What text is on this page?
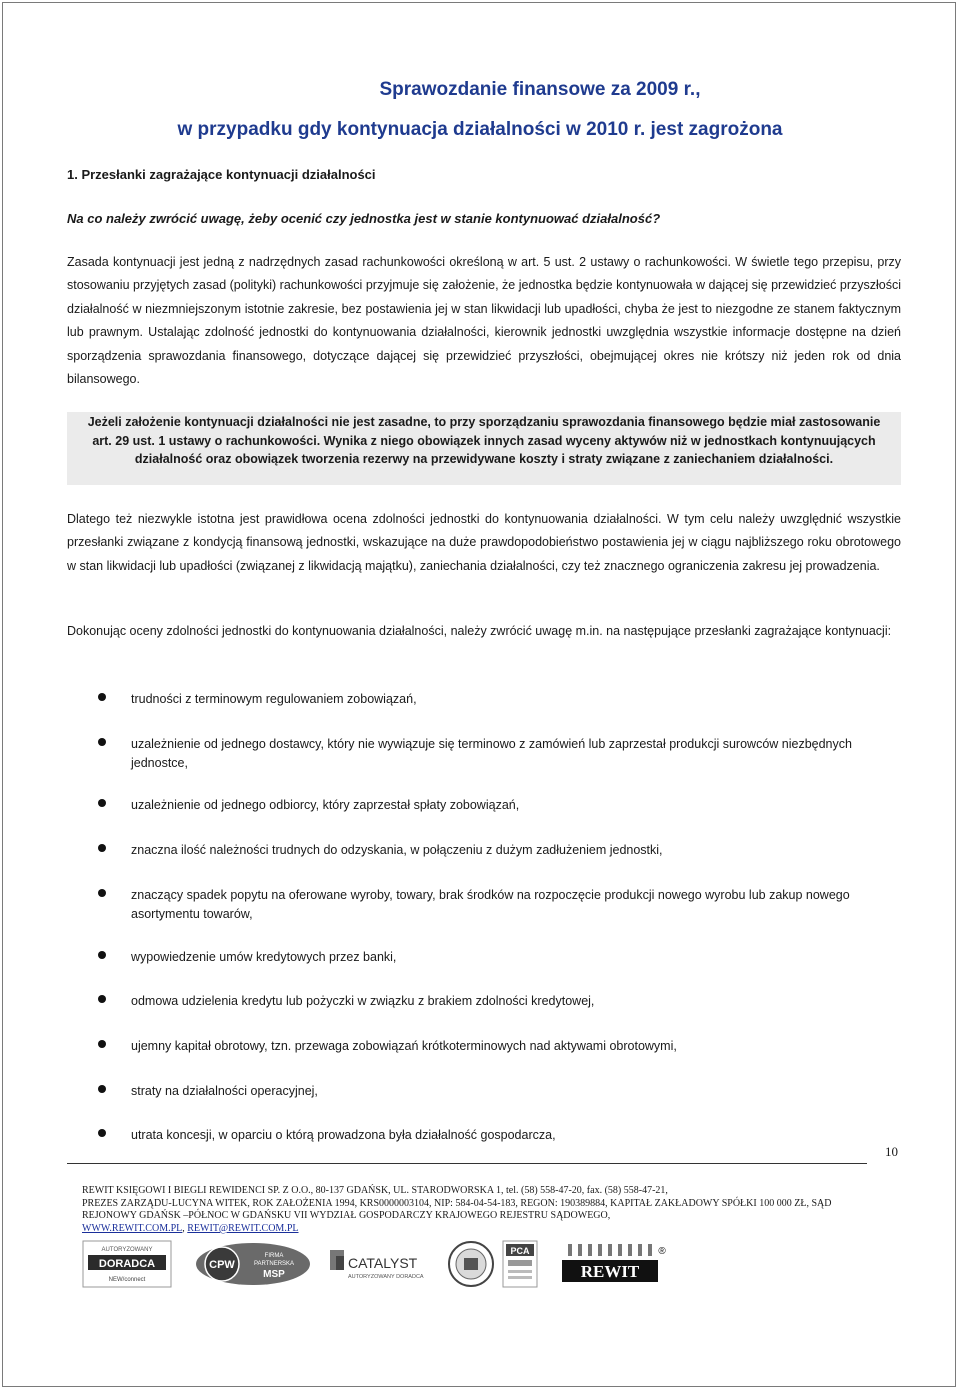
Sprawozdanie finansowe za 2009 r.,
w przypadku gdy kontynuacja działalności w 2010 r. jest zagrożona

1. Przesłanki zagrażające kontynuacji działalności

Na co należy zwrócić uwagę, żeby ocenić czy jednostka jest w stanie kontynuować działalność?

Zasada kontynuacji jest jedną z nadrzędnych zasad rachunkowości określoną w art. 5 ust. 2 ustawy o rachunkowości. W świetle tego przepisu, przy stosowaniu przyjętych zasad (polityki) rachunkowości przyjmuje się założenie, że jednostka będzie kontynuowała w dającej się przewidzieć przyszłości działalność w niezmniejszonym istotnie zakresie, bez postawienia jej w stan likwidacji lub upadłości, chyba że jest to niezgodne ze stanem faktycznym lub prawnym. Ustalając zdolność jednostki do kontynuowania działalności, kierownik jednostki uwzględnia wszystkie informacje dostępne na dzień sporządzenia sprawozdania finansowego, dotyczące dającej się przewidzieć przyszłości, obejmującej okres nie krótszy niż jeden rok od dnia bilansowego.

Jeżeli założenie kontynuacji działalności nie jest zasadne, to przy sporządzaniu sprawozdania finansowego będzie miał zastosowanie art. 29 ust. 1 ustawy o rachunkowości. Wynika z niego obowiązek innych zasad wyceny aktywów niż w jednostkach kontynuujących działalność oraz obowiązek tworzenia rezerwy na przewidywane koszty i straty związane z zaniechaniem działalności.

Dlatego też niezwykle istotna jest prawidłowa ocena zdolności jednostki do kontynuowania działalności. W tym celu należy uwzględnić wszystkie przesłanki związane z kondycją finansową jednostki, wskazujące na duże prawdopodobieństwo postawienia jej w ciągu najbliższego roku obrotowego w stan likwidacji lub upadłości (związanej z likwidacją majątku), zaniechania działalności, czy też znacznego ograniczenia zakresu jej prowadzenia.

Dokonując oceny zdolności jednostki do kontynuowania działalności, należy zwrócić uwagę m.in. na następujące przesłanki zagrażające kontynuacji:

trudności z terminowym regulowaniem zobowiązań,
uzależnienie od jednego dostawcy, który nie wywiązuje się terminowo z zamówień lub zaprzestał produkcji surowców niezbędnych jednostce,
uzależnienie od jednego odbiorcy, który zaprzestał spłaty zobowiązań,
znaczna ilość należności trudnych do odzyskania, w połączeniu z dużym zadłużeniem jednostki,
znaczący spadek popytu na oferowane wyroby, towary, brak środków na rozpoczęcie produkcji nowego wyrobu lub zakup nowego asortymentu towarów,
wypowiedzenie umów kredytowych przez banki,
odmowa udzielenia kredytu lub pożyczki w związku z brakiem zdolności kredytowej,
ujemny kapitał obrotowy, tzn. przewaga zobowiązań krótkoterminowych nad aktywami obrotowymi,
straty na działalności operacyjnej,
utrata koncesji, w oparciu o którą prowadzona była działalność gospodarcza,
10

REWIT KSIĘGOWI I BIEGLI REWIDENCI SP. Z O.O., 80-137 GDAŃSK, UL. STARODWORSKA 1, tel. (58) 558-47-20, fax. (58) 558-47-21,
PREZES ZARZĄDU-LUCYNA WITEK, ROK ZAŁOŻENIA 1994, KRS0000003104, NIP: 584-04-54-183, REGON: 190389884, KAPITAŁ ZAKŁADOWY SPÓŁKI 100 000 ZŁ, SĄD REJONOWY GDAŃSK –PÓŁNOC W GDAŃSKU VII WYDZIAŁ GOSPODARCZY KRAJOWEGO REJESTRU SĄDOWEGO,
WWW.REWIT.COM.PL, REWIT@REWIT.COM.PL

AUTORYZOWANY
DORADCA
NEW/connect
CPW
FIRMA
PARTNERSKA
MSP
CATALYST
AUTORYZOWANY DORADCA
PCA
REWIT
®
